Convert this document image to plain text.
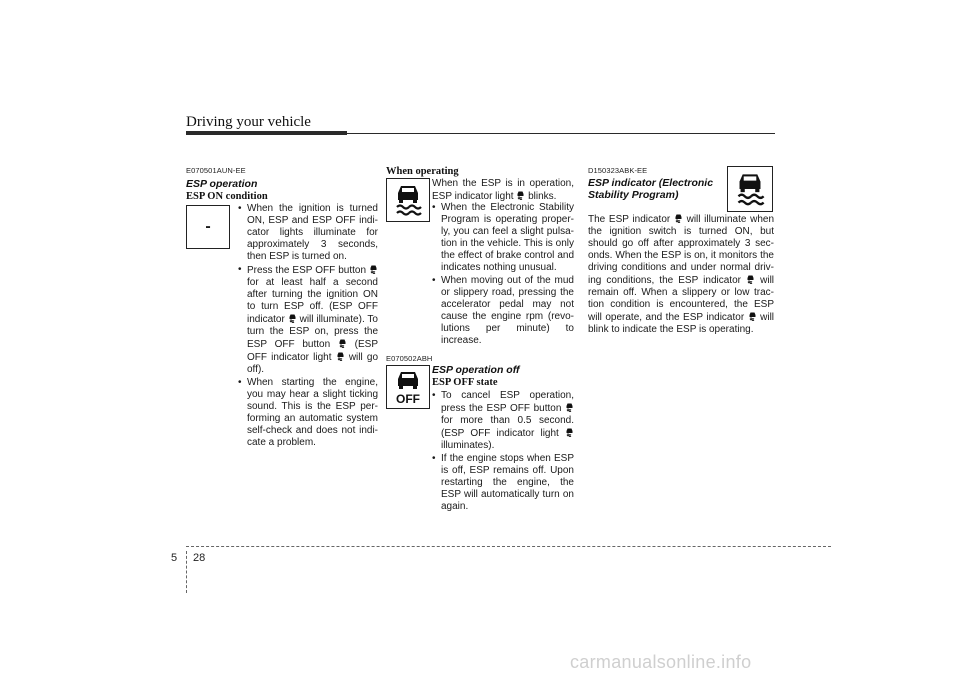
Driving your vehicle
E070501AUN-EE
ESP operation
ESP ON condition
-
• When the ignition is turned ON, ESP and ESP OFF indi-cator lights illuminate for approximately 3 seconds, then ESP is turned on.
• Press the ESP OFF button  for at least half a second after turning the ignition ON to turn ESP off. (ESP OFF indicator will illuminate). To turn the ESP on, press the ESP OFF button (ESP OFF indicator light will go off).
• When starting the engine, you may hear a slight ticking sound. This is the ESP per-forming an automatic system self-check and does not indi-cate a problem.
When operating
When the ESP is in operation, ESP indicator light blinks.
• When the Electronic Stability Program is operating proper-ly, you can feel a slight pulsa-tion in the vehicle. This is only the effect of brake control and indicates nothing unusual.
• When moving out of the mud or slippery road, pressing the accelerator pedal may not cause the engine rpm (revo-lutions per minute) to increase.
E070502ABH
ESP operation off
ESP OFF state
OFF
•	To cancel ESP operation, press the ESP OFF button  for more than 0.5 second. (ESP OFF indicator light  illuminates).
• If the engine stops when ESP is off, ESP remains off. Upon restarting the engine, the ESP will automatically turn on again.
D150323ABK-EE
ESP indicator (Electronic
Stability Program)
The ESP indicator will illuminate when the ignition switch is turned ON, but should go off after approximately 3 sec-onds. When the ESP is on, it monitors the driving conditions and under normal driv-ing conditions, the ESP indicator will remain off. When a slippery or low trac-tion condition is encountered, the ESP will operate, and the ESP indicator will blink to indicate the ESP is operating.
5 28
carmanualsonline.info
